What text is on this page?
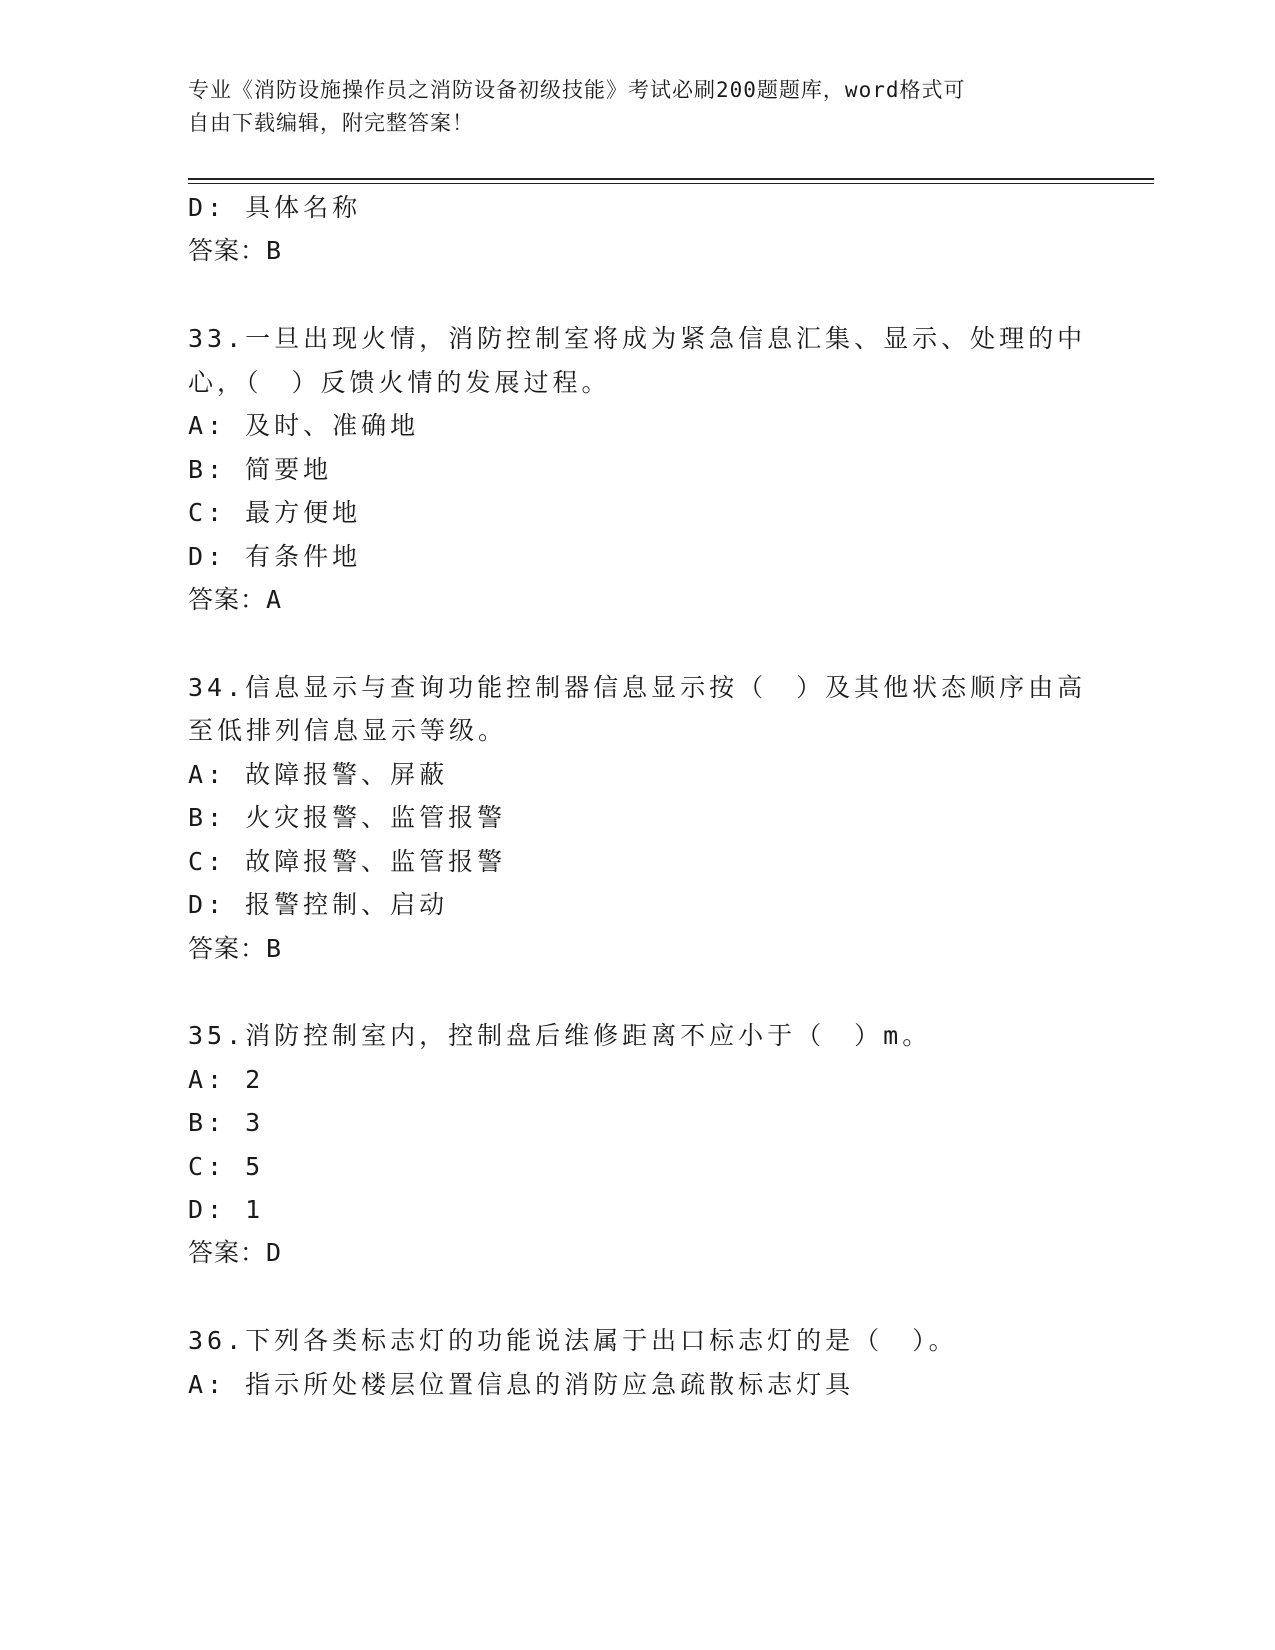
专业《消防设施操作员之消防设备初级技能》考试必刷200题题库，word格式可
自由下载编辑，附完整答案！
D: 具体名称
答案：B
33.一旦出现火情，消防控制室将成为紧急信息汇集、显示、处理的中
心，（　）反馈火情的发展过程。
A: 及时、准确地
B: 简要地
C: 最方便地
D: 有条件地
答案：A
34.信息显示与查询功能控制器信息显示按（　）及其他状态顺序由高
至低排列信息显示等级。
A: 故障报警、屏蔽
B: 火灾报警、监管报警
C: 故障报警、监管报警
D: 报警控制、启动
答案：B
35.消防控制室内，控制盘后维修距离不应小于（　）m。
A: 2
B: 3
C: 5
D: 1
答案：D
36.下列各类标志灯的功能说法属于出口标志灯的是（　）。
A: 指示所处楼层位置信息的消防应急疏散标志灯具
